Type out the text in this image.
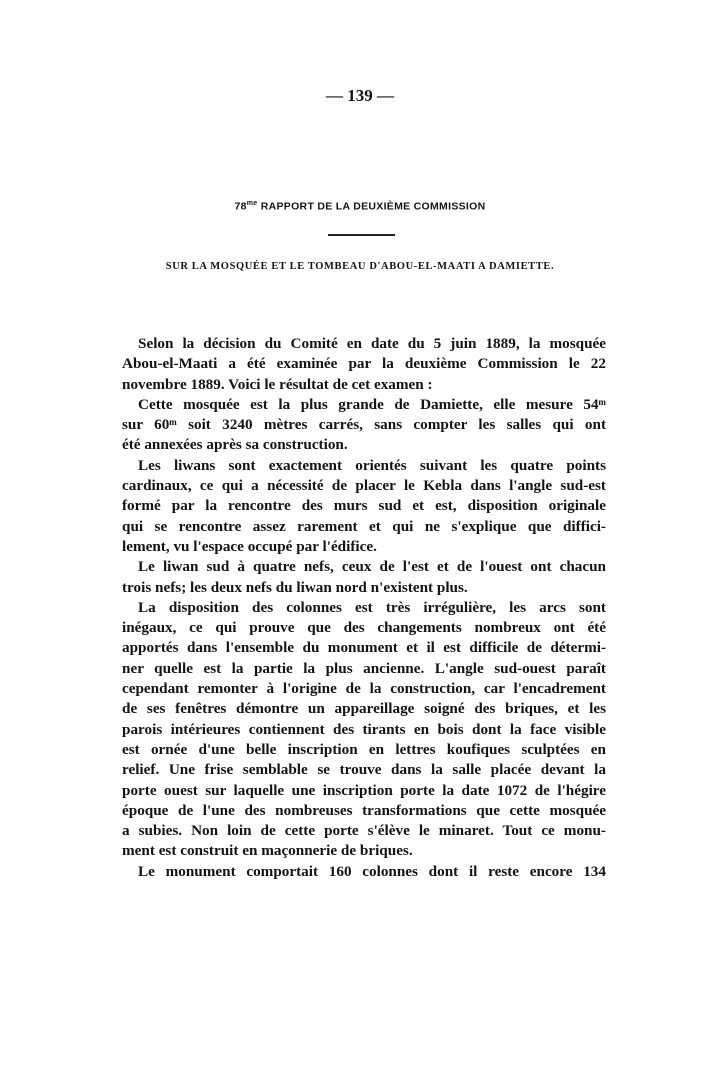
— 139 —
$78^{me}$ RAPPORT DE LA DEUXIÈME COMMISSION
SUR LA MOSQUÉE ET LE TOMBEAU D'ABOU-EL-MAATI A DAMIETTE.
Selon la décision du Comité en date du 5 juin 1889, la mosquée
Abou-el-Maati a été examinée par la deuxième Commission le 22
novembre 1889. Voici le résultat de cet examen :
Cette mosquée est la plus grande de Damiette, elle mesure 54ᵐ
sur 60ᵐ soit 3240 mètres carrés, sans compter les salles qui ont
été annexées après sa construction.
Les liwans sont exactement orientés suivant les quatre points
cardinaux, ce qui a nécessité de placer le Kebla dans l'angle sud-est
formé par la rencontre des murs sud et est, disposition originale
qui se rencontre assez rarement et qui ne s'explique que diffici-
lement, vu l'espace occupé par l'édifice.
Le liwan sud à quatre nefs, ceux de l'est et de l'ouest ont chacun
trois nefs; les deux nefs du liwan nord n'existent plus.
La disposition des colonnes est très irrégulière, les arcs sont
inégaux, ce qui prouve que des changements nombreux ont été
apportés dans l'ensemble du monument et il est difficile de détermi-
ner quelle est la partie la plus ancienne. L'angle sud-ouest paraît
cependant remonter à l'origine de la construction, car l'encadrement
de ses fenêtres démontre un appareillage soigné des briques, et les
parois intérieures contiennent des tirants en bois dont la face visible
est ornée d'une belle inscription en lettres koufiques sculptées en
relief. Une frise semblable se trouve dans la salle placée devant la
porte ouest sur laquelle une inscription porte la date 1072 de l'hégire
époque de l'une des nombreuses transformations que cette mosquée
a subies. Non loin de cette porte s'élève le minaret. Tout ce monu-
ment est construit en maçonnerie de briques.
Le monument comportait 160 colonnes dont il reste encore 134
